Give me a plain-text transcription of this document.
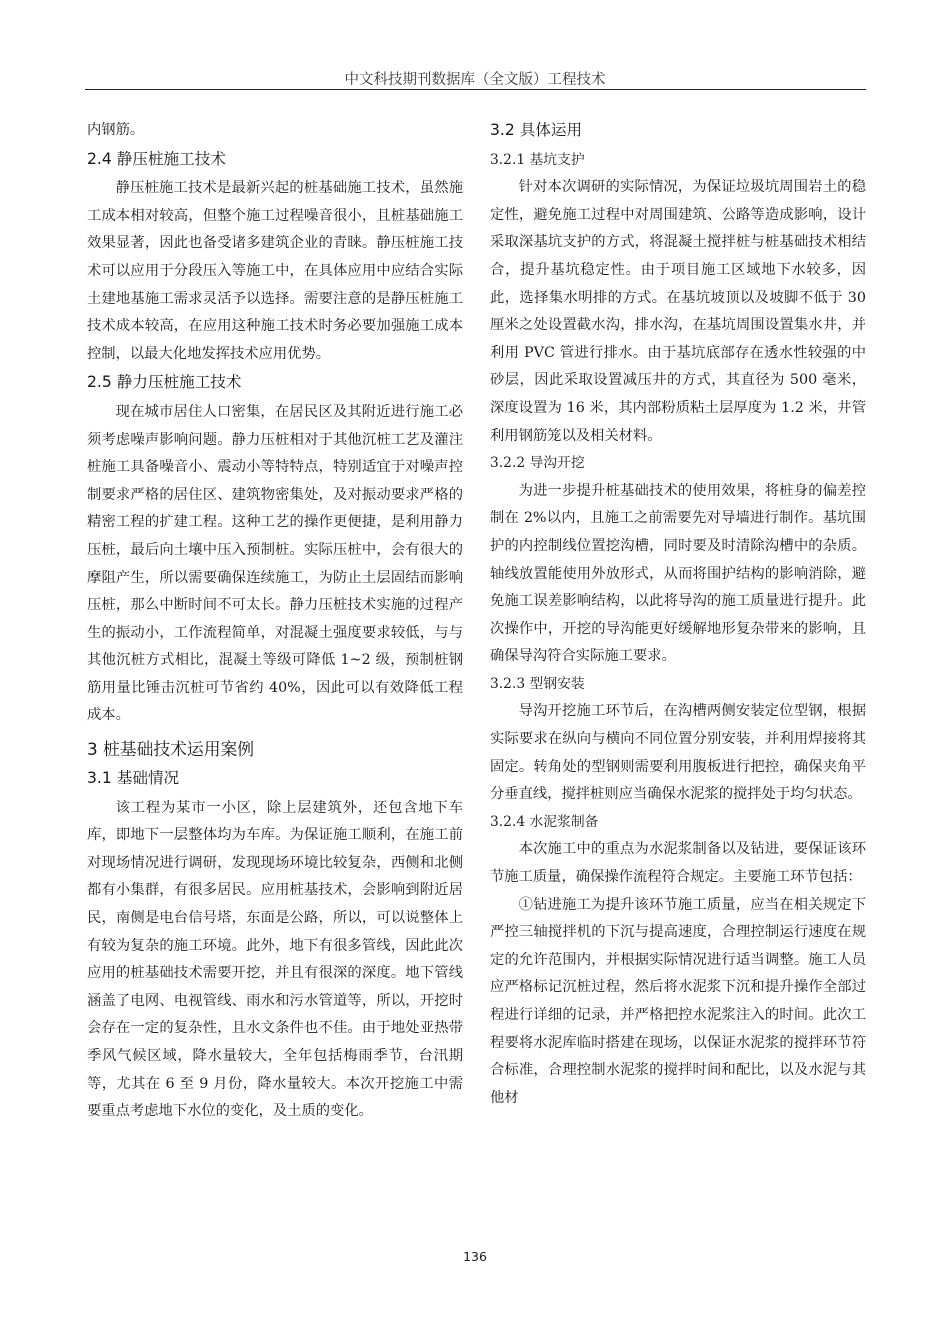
中文科技期刊数据库（全文版）工程技术

内钢筋。

2.4 静压桩施工技术

静压桩施工技术是最新兴起的桩基础施工技术，虽然施工成本相对较高，但整个施工过程噪音很小，且桩基础施工效果显著，因此也备受诸多建筑企业的青睐。静压桩施工技术可以应用于分段压入等施工中，在具体应用中应结合实际土建地基施工需求灵活予以选择。需要注意的是静压桩施工技术成本较高，在应用这种施工技术时务必要加强施工成本控制，以最大化地发挥技术应用优势。

2.5 静力压桩施工技术

现在城市居住人口密集，在居民区及其附近进行施工必须考虑噪声影响问题。静力压桩相对于其他沉桩工艺及灌注桩施工具备噪音小、震动小等特特点，特别适宜于对噪声控制要求严格的居住区、建筑物密集处，及对振动要求严格的精密工程的扩建工程。这种工艺的操作更便捷，是利用静力压桩，最后向土壤中压入预制桩。实际压桩中，会有很大的摩阻产生，所以需要确保连续施工，为防止土层固结而影响压桩，那么中断时间不可太长。静力压桩技术实施的过程产生的振动小，工作流程简单，对混凝土强度要求较低，与与其他沉桩方式相比，混凝土等级可降低 1~2 级，预制桩钢筋用量比锤击沉桩可节省约 40%，因此可以有效降低工程成本。

3 桩基础技术运用案例
3.1 基础情况

该工程为某市一小区，除上层建筑外，还包含地下车库，即地下一层整体均为车库。为保证施工顺利，在施工前对现场情况进行调研，发现现场环境比较复杂，西侧和北侧都有小集群，有很多居民。应用桩基技术，会影响到附近居民，南侧是电台信号塔，东面是公路，所以，可以说整体上有较为复杂的施工环境。此外，地下有很多管线，因此此次应用的桩基础技术需要开挖，并且有很深的深度。地下管线涵盖了电网、电视管线、雨水和污水管道等，所以，开挖时会存在一定的复杂性，且水文条件也不佳。由于地处亚热带季风气候区域，降水量较大，全年包括梅雨季节，台汛期等，尤其在 6 至 9 月份，降水量较大。本次开挖施工中需要重点考虑地下水位的变化，及土质的变化。

3.2 具体运用
3.2.1 基坑支护

针对本次调研的实际情况，为保证垃圾坑周围岩土的稳定性，避免施工过程中对周围建筑、公路等造成影响，设计采取深基坑支护的方式，将混凝土搅拌桩与桩基础技术相结合，提升基坑稳定性。由于项目施工区域地下水较多，因此，选择集水明排的方式。在基坑坡顶以及坡脚不低于 30 厘米之处设置截水沟，排水沟，在基坑周围设置集水井，并利用 PVC 管进行排水。由于基坑底部存在透水性较强的中砂层，因此采取设置减压井的方式，其直径为 500 毫米，深度设置为 16 米，其内部粉质粘土层厚度为 1.2 米，井管利用钢筋笼以及相关材料。

3.2.2 导沟开挖

为进一步提升桩基础技术的使用效果，将桩身的偏差控制在 2%以内，且施工之前需要先对导墙进行制作。基坑围护的内控制线位置挖沟槽，同时要及时清除沟槽中的杂质。轴线放置能使用外放形式，从而将围护结构的影响消除，避免施工误差影响结构，以此将导沟的施工质量进行提升。此次操作中，开挖的导沟能更好缓解地形复杂带来的影响，且确保导沟符合实际施工要求。

3.2.3 型钢安装

导沟开挖施工环节后，在沟槽两侧安装定位型钢，根据实际要求在纵向与横向不同位置分别安装，并利用焊接将其固定。转角处的型钢则需要利用腹板进行把控，确保夹角平分垂直线，搅拌桩则应当确保水泥浆的搅拌处于均匀状态。

3.2.4 水泥浆制备

本次施工中的重点为水泥浆制备以及钻进，要保证该环节施工质量，确保操作流程符合规定。主要施工环节包括：

①钻进施工为提升该环节施工质量，应当在相关规定下严控三轴搅拌机的下沉与提高速度，合理控制运行速度在规定的允许范围内，并根据实际情况进行适当调整。施工人员应严格标记沉桩过程，然后将水泥浆下沉和提升操作全部过程进行详细的记录，并严格把控水泥浆注入的时间。此次工程要将水泥库临时搭建在现场，以保证水泥浆的搅拌环节符合标准，合理控制水泥浆的搅拌时间和配比，以及水泥与其他材

136
